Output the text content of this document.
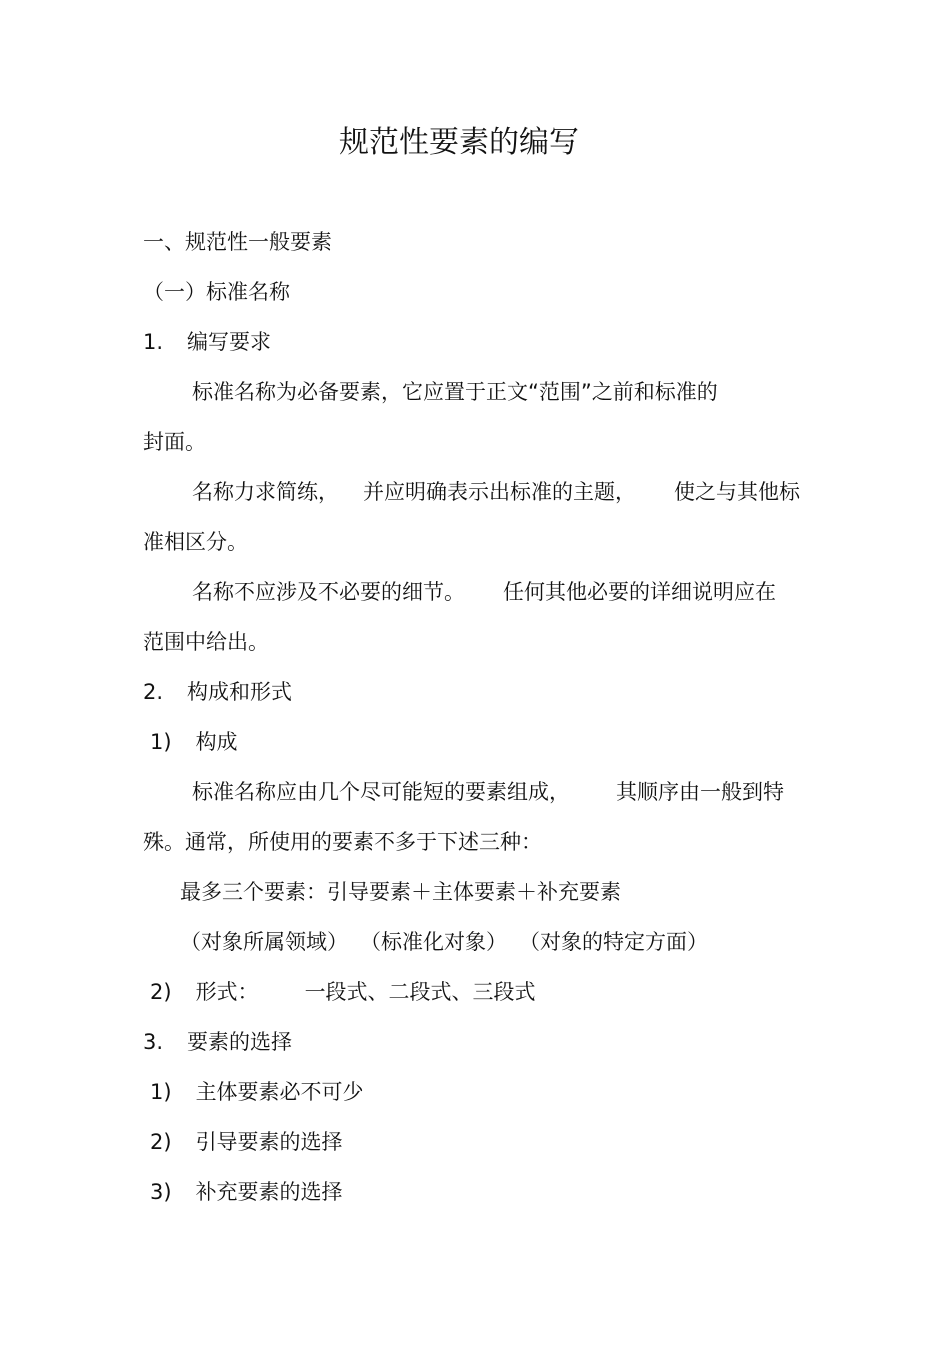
规范性要素的编写
一、规范性一般要素
（一）标准名称
1. 编写要求
标准名称为必备要素，它应置于正文“范围”之前和标准的
封面。
名称力求简练， 并应明确表示出标准的主题， 使之与其他标
准相区分。
名称不应涉及不必要的细节。 任何其他必要的详细说明应在
范围中给出。
2. 构成和形式
1) 构成
标准名称应由几个尽可能短的要素组成， 其顺序由一般到特
殊。通常，所使用的要素不多于下述三种：
最多三个要素：引导要素＋主体要素＋补充要素
（对象所属领域） （标准化对象） （对象的特定方面）
2) 形式： 一段式、二段式、三段式
3. 要素的选择
1) 主体要素必不可少
2) 引导要素的选择
3) 补充要素的选择
